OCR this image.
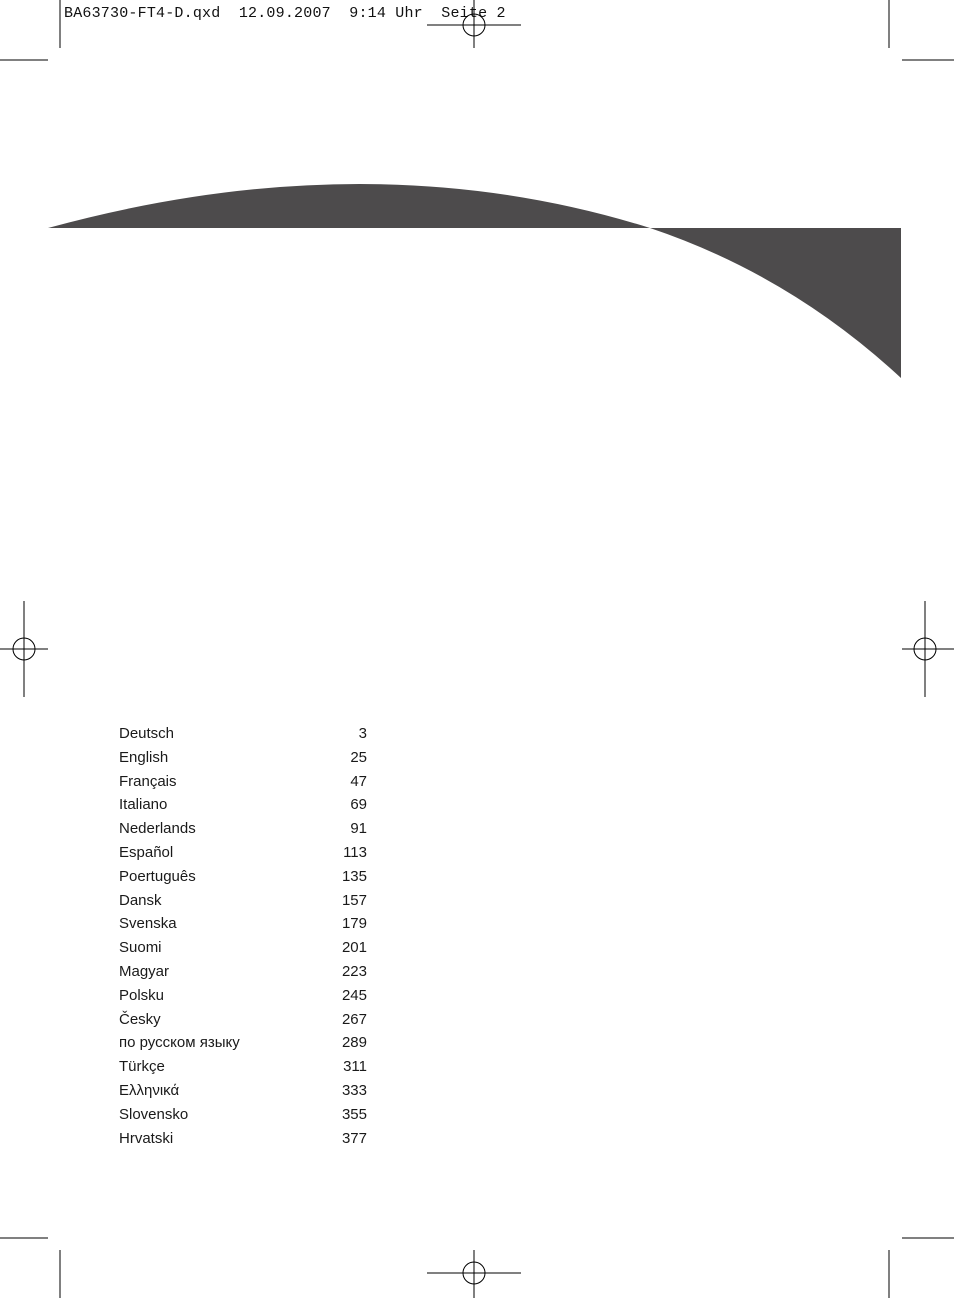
BA63730-FT4-D.qxd  12.09.2007  9:14 Uhr  Seite 2
Deutsch	3
English	25
Français	47
Italiano	69
Nederlands	91
Español	113
Poertuguês	135
Dansk	157
Svenska	179
Suomi	201
Magyar	223
Polsku	245
Česky	267
по русском языку	289
Türkçe	311
Ελληνικά	333
Slovensko	355
Hrvatski	377
